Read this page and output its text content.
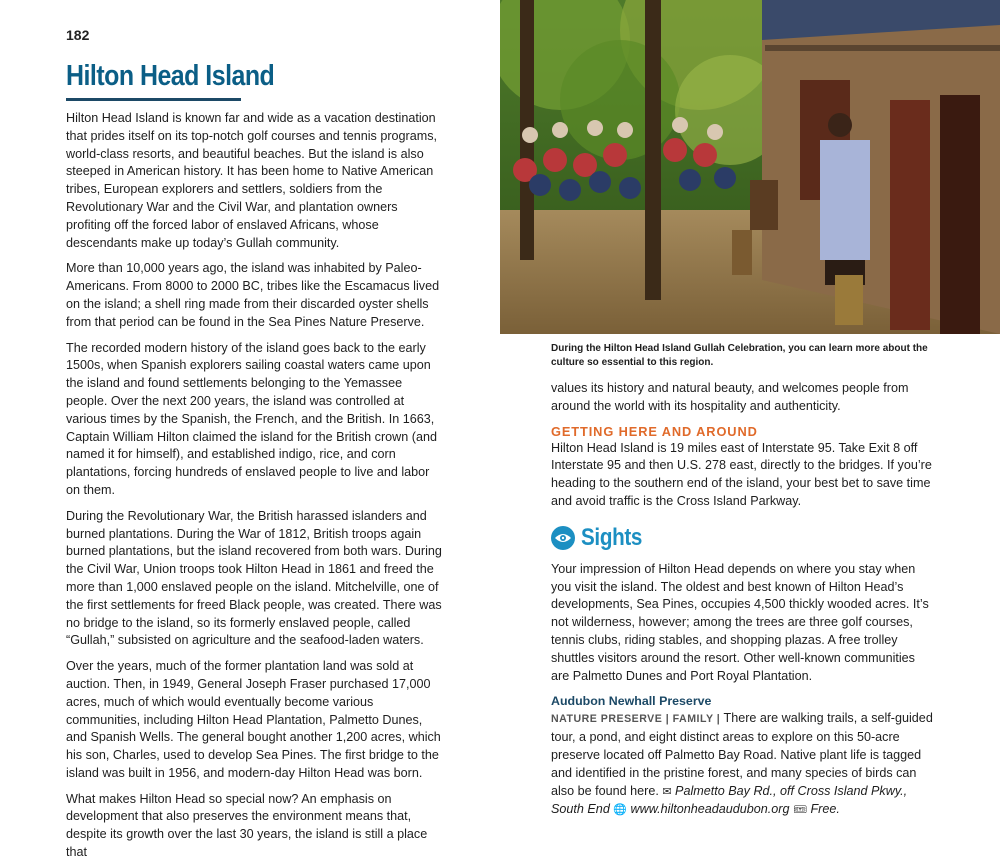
182
Hilton Head Island

Hilton Head Island is known far and wide as a vacation destination that prides itself on its top-notch golf courses and tennis programs, world-class resorts, and beautiful beaches. But the island is also steeped in American history. It has been home to Native American tribes, European explorers and settlers, soldiers from the Revolutionary War and the Civil War, and plantation owners profiting off the forced labor of enslaved Africans, whose descendants make up today’s Gullah community.

More than 10,000 years ago, the island was inhabited by Paleo-Americans. From 8000 to 2000 BC, tribes like the Escamacus lived on the island; a shell ring made from their discarded oyster shells from that period can be found in the Sea Pines Nature Preserve.

The recorded modern history of the island goes back to the early 1500s, when Spanish explorers sailing coastal waters came upon the island and found settlements belonging to the Yemassee people. Over the next 200 years, the island was controlled at various times by the Spanish, the French, and the British. In 1663, Captain William Hilton claimed the island for the British crown (and named it for himself), and established indigo, rice, and corn plantations, forcing hundreds of enslaved people to live and labor on them.

During the Revolutionary War, the British harassed islanders and burned plantations. During the War of 1812, British troops again burned plantations, but the island recovered from both wars. During the Civil War, Union troops took Hilton Head in 1861 and freed the more than 1,000 enslaved people on the island. Mitchelville, one of the first settlements for freed Black people, was created. There was no bridge to the island, so its formerly enslaved people, called “Gullah,” subsisted on agriculture and the seafood-laden waters.

Over the years, much of the former plantation land was sold at auction. Then, in 1949, General Joseph Fraser purchased 17,000 acres, much of which would eventually become various communities, including Hilton Head Plantation, Palmetto Dunes, and Spanish Wells. The general bought another 1,200 acres, which his son, Charles, used to develop Sea Pines. The first bridge to the island was built in 1956, and modern-day Hilton Head was born.

What makes Hilton Head so special now? An emphasis on development that also preserves the environment means that, despite its growth over the last 30 years, the island is still a place that

During the Hilton Head Island Gullah Celebration, you can learn more about the culture so essential to this region.

values its history and natural beauty, and welcomes people from around the world with its hospitality and authenticity.

GETTING HERE AND AROUND

Hilton Head Island is 19 miles east of Interstate 95. Take Exit 8 off Interstate 95 and then U.S. 278 east, directly to the bridges. If you’re heading to the southern end of the island, your best bet to save time and avoid traffic is the Cross Island Parkway.

Sights

Your impression of Hilton Head depends on where you stay when you visit the island. The oldest and best known of Hilton Head’s developments, Sea Pines, occupies 4,500 thickly wooded acres. It’s not wilderness, however; among the trees are three golf courses, tennis clubs, riding stables, and shopping plazas. A free trolley shuttles visitors around the resort. Other well-known communities are Palmetto Dunes and Port Royal Plantation.

Audubon Newhall Preserve

NATURE PRESERVE | FAMILY | There are walking trails, a self-guided tour, a pond, and eight distinct areas to explore on this 50-acre preserve located off Palmetto Bay Road. Native plant life is tagged and identified in the pristine forest, and many species of birds can also be found here. ✉ Palmetto Bay Rd., off Cross Island Pkwy., South End 🌐 www.hiltonheadaudubon.org 🎟 Free.
